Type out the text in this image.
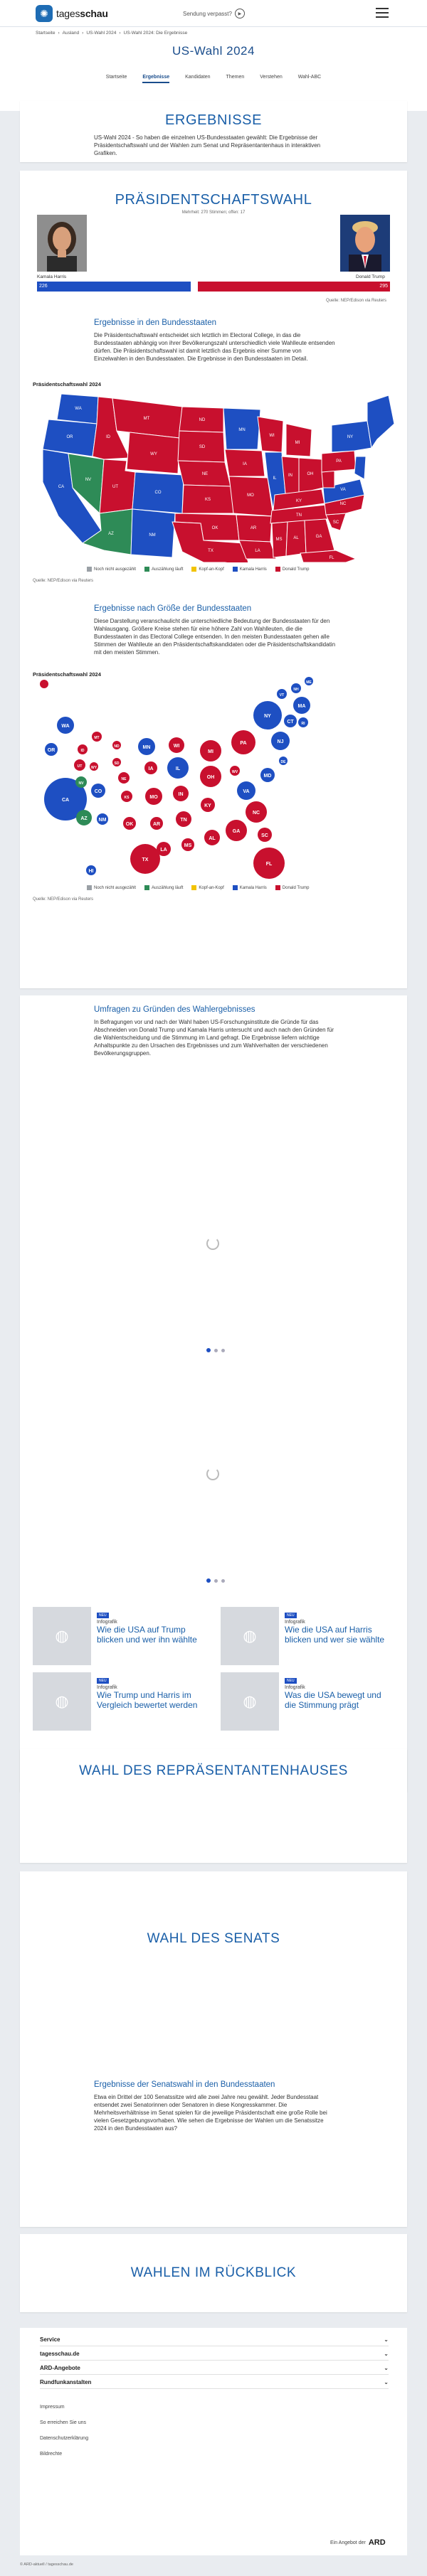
✺ tagesschau	Sendung verpasst?	▶
Startseite › Ausland › US-Wahl 2024 › US-Wahl 2024: Die Ergebnisse
US-Wahl 2024
Startseite	Ergebnisse	Kandidaten	Themen	Verstehen	Wahl-ABC
ERGEBNISSE
US-Wahl 2024 - So haben die einzelnen US-Bundesstaaten gewählt: Die Ergebnisse der Präsidentschaftswahl und der Wahlen zum Senat und Repräsentantenhaus in interaktiven Grafiken.
PRÄSIDENTSCHAFTSWAHL
Mehrheit: 270 Stimmen; offen: 17
Kamala Harris	Donald Trump
226	295
Quelle: NEP/Edison via Reuters
Ergebnisse in den Bundesstaaten
Die Präsidentschaftswahl entscheidet sich letztlich im Electoral College, in das die Bundesstaaten abhängig von ihrer Bevölkerungszahl unterschiedlich viele Wahlleute entsenden dürfen. Die Präsidentschaftswahl ist damit letztlich das Ergebnis einer Summe von Einzelwahlen in den Bundesstaaten. Die Ergebnisse in den Bundesstaaten im Detail.
Präsidentschaftswahl 2024
WA
OR
CA
NV
ID
MT
WY
UT
AZ
CO
NM
ND
SD
NE
KS
OK
TX
MN
IA
MO
AR
LA
WI
IL
MI
IN	OH
KY
TN
MS	AL	GA
FL
SC
NC
VA
PA
NY
Noch nicht ausgezählt	Auszählung läuft	Kopf-an-Kopf	Kamala Harris	Donald Trump
Quelle: NEP/Edison via Reuters
Ergebnisse nach Größe der Bundesstaaten
Diese Darstellung veranschaulicht die unterschiedliche Bedeutung der Bundesstaaten für den Wahlausgang. Größere Kreise stehen für eine höhere Zahl von Wahlleuten, die die Bundesstaaten in das Electoral College entsenden. In den meisten Bundesstaaten gehen alle Stimmen der Wahlleute an den Präsidentschaftskandidaten oder die Präsidentschaftskandidatin mit den meisten Stimmen.
Präsidentschaftswahl 2024
WA
OR
CA
ID
MT
UT	WY
NV
CO
AZ NM
HI
ND
SD
NE
KS
OK
TX
MN
IA
MO
AR
LA
WI
IL
IN
TN
MS
MI
OH
KY
AL
PA
WV
VA
GA
NC
SC
FL
MD
DE
NJ
NY
CT RI
MA
VT
NH
ME
Noch nicht ausgezählt	Auszählung läuft	Kopf-an-Kopf	Kamala Harris	Donald Trump
Quelle: NEP/Edison via Reuters
Umfragen zu Gründen des Wahlergebnisses
In Befragungen vor und nach der Wahl haben US-Forschungsinstitute die Gründe für das Abschneiden von Donald Trump und Kamala Harris untersucht und auch nach den Gründen für die Wahlentscheidung und die Stimmung im Land gefragt. Die Ergebnisse liefern wichtige Anhaltspunkte zu den Ursachen des Ergebnisses und zum Wahlverhalten der verschiedenen Bevölkerungsgruppen.
◍
NEU
Infografik
Wie die USA auf Trump blicken und wer ihn wählte	◍
NEU
Infografik
Wie die USA auf Harris blicken und wer sie wählte
◍
NEU
Infografik
Wie Trump und Harris im Vergleich bewertet werden	◍
NEU
Infografik
Was die USA bewegt und die Stimmung prägt
WAHL DES REPRÄSENTANTENHAUSES
WAHL DES SENATS
Ergebnisse der Senatswahl in den Bundesstaaten
Etwa ein Drittel der 100 Senatssitze wird alle zwei Jahre neu gewählt. Jeder Bundesstaat entsendet zwei Senatorinnen oder Senatoren in diese Kongresskammer. Die Mehrheitsverhältnisse im Senat spielen für die jeweilige Präsidentschaft eine große Rolle bei vielen Gesetzgebungsvorhaben. Wie sehen die Ergebnisse der Wahlen um die Senatssitze 2024 in den Bundesstaaten aus?
WAHLEN IM RÜCKBLICK
Service	⌄
tagesschau.de	⌄
ARD-Angebote	⌄
Rundfunkanstalten	⌄
Impressum
So erreichen Sie uns
Datenschutzerklärung
Bildrechte
Ein Angebot der ARD
© ARD-aktuell / tagesschau.de
